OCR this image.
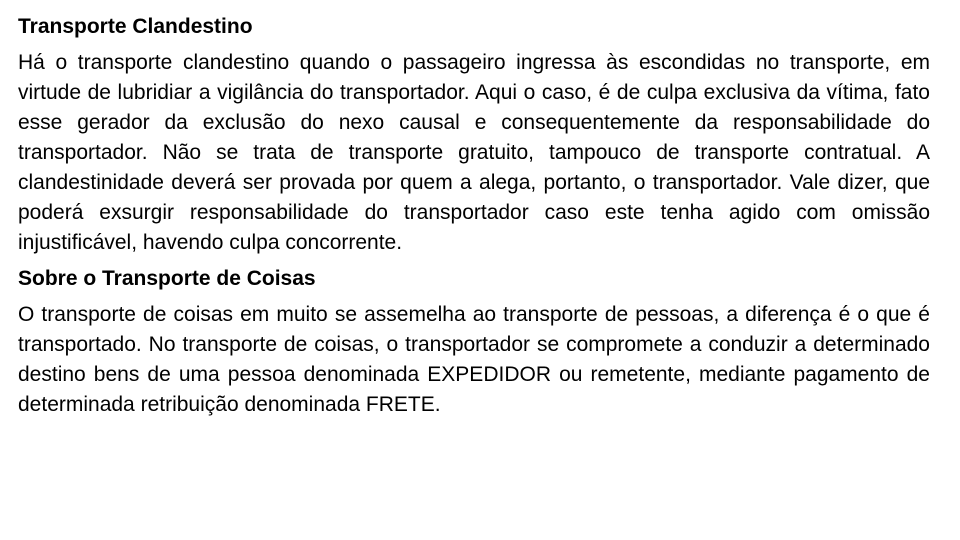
Transporte Clandestino
Há o transporte clandestino quando o passageiro ingressa às escondidas no transporte, em virtude de lubridiar a vigilância do transportador. Aqui o caso, é de culpa exclusiva da vítima, fato esse gerador da exclusão do nexo causal e consequentemente da responsabilidade do transportador. Não se trata de transporte gratuito, tampouco de transporte contratual. A clandestinidade deverá ser provada por quem a alega, portanto, o transportador. Vale dizer, que poderá exsurgir responsabilidade do transportador caso este tenha agido com omissão injustificável, havendo culpa concorrente.
Sobre o Transporte de Coisas
O transporte de coisas em muito se assemelha ao transporte de pessoas, a diferença é o que é transportado. No transporte de coisas, o transportador se compromete a conduzir a determinado destino bens de uma pessoa denominada EXPEDIDOR ou remetente, mediante pagamento de determinada retribuição denominada FRETE.
